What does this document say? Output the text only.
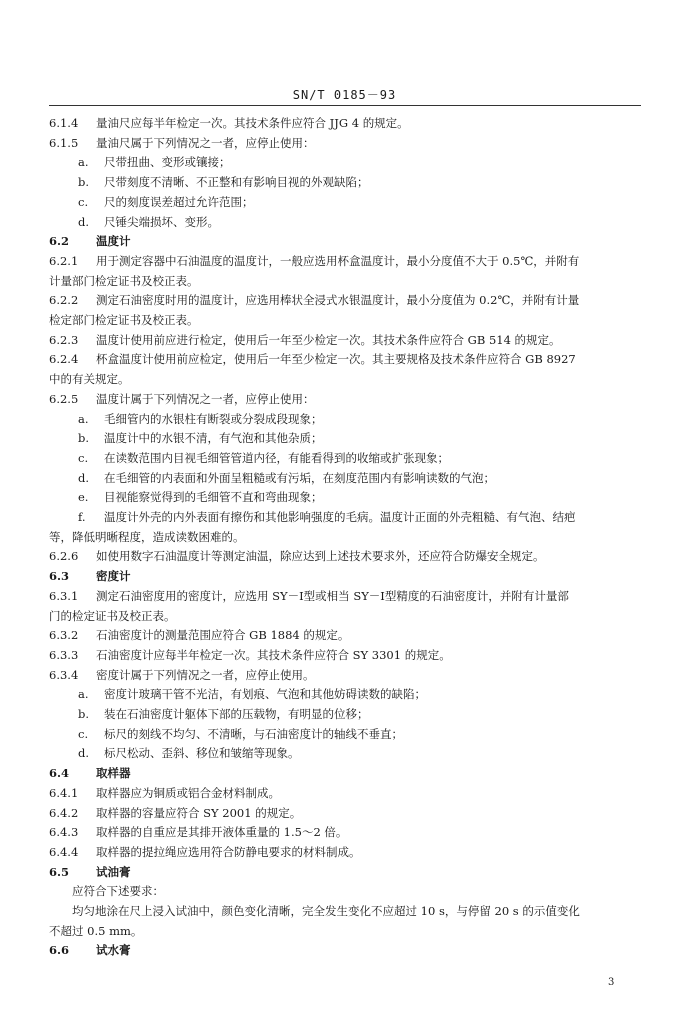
SN/T 0185－93
6.1.4 量油尺应每半年检定一次。其技术条件应符合 JJG 4 的规定。
6.1.5 量油尺属于下列情况之一者，应停止使用：
a. 尺带扭曲、变形或镶接；
b. 尺带刻度不清晰、不正整和有影响目视的外观缺陷；
c. 尺的刻度误差超过允许范围；
d. 尺锤尖端损坏、变形。
6.2 温度计
6.2.1 用于测定容器中石油温度的温度计，一般应选用杯盒温度计，最小分度值不大于 0.5℃，并附有
计量部门检定证书及校正表。
6.2.2 测定石油密度时用的温度计，应选用棒状全浸式水银温度计，最小分度值为 0.2℃，并附有计量
检定部门检定证书及校正表。
6.2.3 温度计使用前应进行检定，使用后一年至少检定一次。其技术条件应符合 GB 514 的规定。
6.2.4 杯盒温度计使用前应检定，使用后一年至少检定一次。其主要规格及技术条件应符合 GB 8927
中的有关规定。
6.2.5 温度计属于下列情况之一者，应停止使用：
a. 毛细管内的水银柱有断裂或分裂成段现象；
b. 温度计中的水银不清，有气泡和其他杂质；
c. 在读数范围内目视毛细管管道内径，有能看得到的收缩或扩张现象；
d. 在毛细管的内表面和外面呈粗糙或有污垢，在刻度范围内有影响读数的气泡；
e. 目视能察觉得到的毛细管不直和弯曲现象；
f. 温度计外壳的内外表面有擦伤和其他影响强度的毛病。温度计正面的外壳粗糙、有气泡、结疤
等，降低明晰程度，造成读数困难的。
6.2.6 如使用数字石油温度计等测定油温，除应达到上述技术要求外，还应符合防爆安全规定。
6.3 密度计
6.3.1 测定石油密度用的密度计，应选用 SY－Ⅰ型或相当 SY－Ⅰ型精度的石油密度计，并附有计量部
门的检定证书及校正表。
6.3.2 石油密度计的测量范围应符合 GB 1884 的规定。
6.3.3 石油密度计应每半年检定一次。其技术条件应符合 SY 3301 的规定。
6.3.4 密度计属于下列情况之一者，应停止使用。
a. 密度计玻璃干管不光洁，有划痕、气泡和其他妨碍读数的缺陷；
b. 装在石油密度计躯体下部的压载物，有明显的位移；
c. 标尺的刻线不均匀、不清晰，与石油密度计的轴线不垂直；
d. 标尺松动、歪斜、移位和皱缩等现象。
6.4 取样器
6.4.1 取样器应为铜质或铝合金材料制成。
6.4.2 取样器的容量应符合 SY 2001 的规定。
6.4.3 取样器的自重应是其排开液体重量的 1.5～2 倍。
6.4.4 取样器的提拉绳应选用符合防静电要求的材料制成。
6.5 试油膏
应符合下述要求：
均匀地涂在尺上浸入试油中，颜色变化清晰，完全发生变化不应超过 10 s，与停留 20 s 的示值变化
不超过 0.5 mm。
6.6 试水膏
3
